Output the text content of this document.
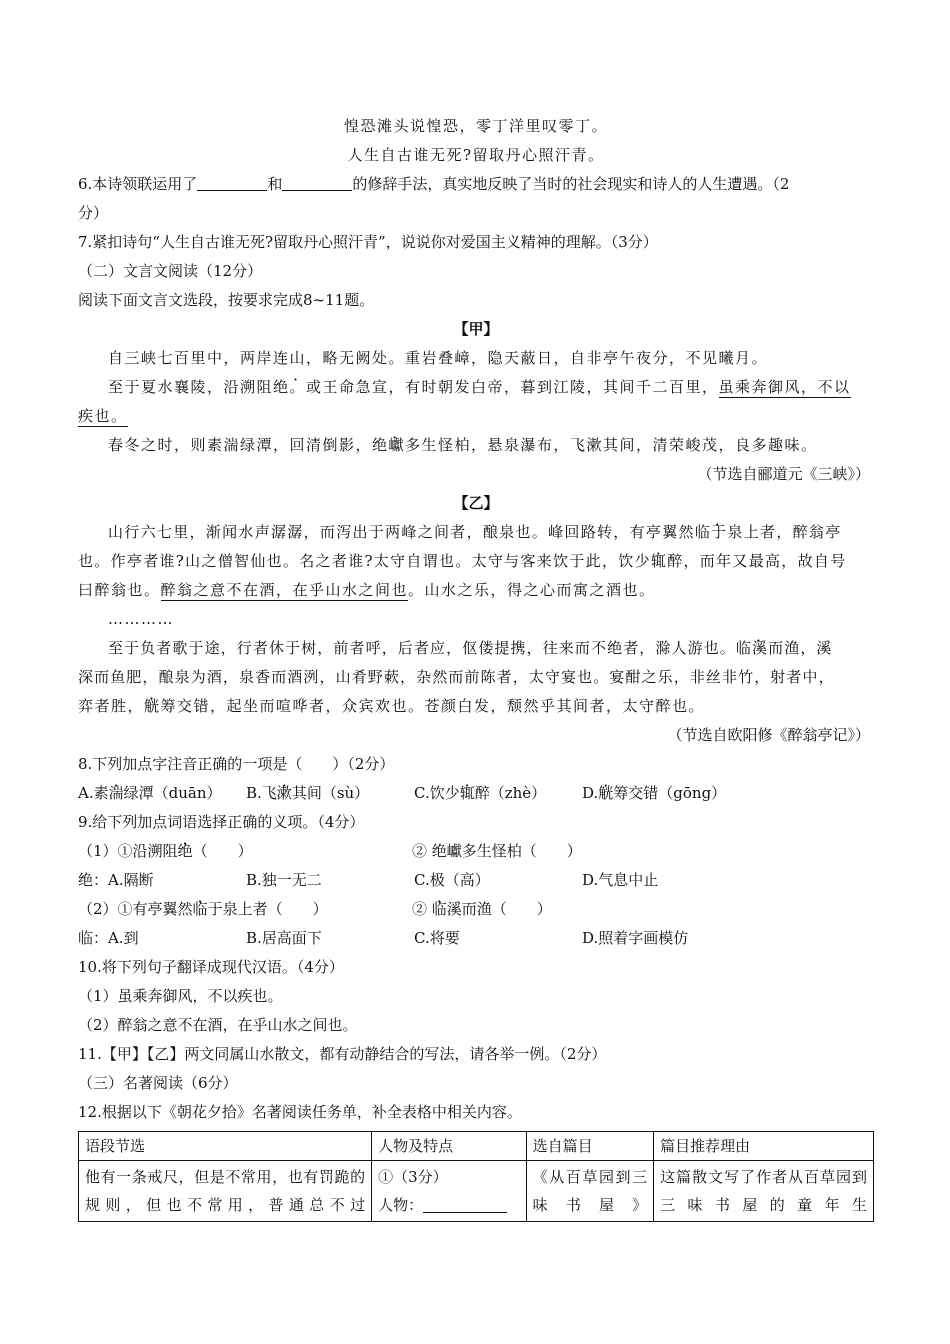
惶恐滩头说惶恐，零丁洋里叹零丁。
人生自古谁无死?留取丹心照汗青。
6.本诗领联运用了	和	的修辞手法，真实地反映了当时的社会现实和诗人的人生遭遇。（2
分）
7.紧扣诗句“人生自古谁无死?留取丹心照汗青”，说说你对爱国主义精神的理解。（3分）
（二）文言文阅读（12分）
阅读下面文言文选段，按要求完成8~11题。
【甲】
自三峡七百里中，两岸连山，略无阙处。重岩叠嶂，隐天蔽日，自非亭午夜分，不见曦月。
至于夏水襄陵，沿溯阻绝。或王命急宣，有时朝发白帝，暮到江陵，其间千二百里，虽乘奔御风，不以
疾也。
春冬之时，则素湍绿潭，回清倒影，绝巘多生怪柏，悬泉瀑布，飞漱其间，清荣峻茂，良多趣味。
（节选自郦道元《三峡》）
【乙】
山行六七里，渐闻水声潺潺，而泻出于两峰之间者，酿泉也。峰回路转，有亭翼然临于泉上者，醉翁亭
也。作亭者谁?山之僧智仙也。名之者谁?太守自谓也。太守与客来饮于此，饮少辄醉，而年又最高，故自号
曰醉翁也。醉翁之意不在酒，在乎山水之间也。山水之乐，得之心而寓之酒也。
…………
至于负者歌于途，行者休于树，前者呼，后者应，伛偻提携，往来而不绝者，滁人游也。临溪而渔，溪
深而鱼肥，酿泉为酒，泉香而酒洌，山肴野蔌，杂然而前陈者，太守宴也。宴酣之乐，非丝非竹，射者中，
弈者胜，觥筹交错，起坐而喧哗者，众宾欢也。苍颜白发，颓然乎其间者，太守醉也。
（节选自欧阳修《醉翁亭记》）
8.下列加点字注音正确的一项是（　　）（2分）
A.素湍绿潭（duān） B.飞漱其间（sù）	C.饮少辄醉（zhè） D.觥筹交错（gōng）
9.给下列加点词语选择正确的义项。（4分）
（1）①沿溯阻绝（　　）	② 绝巘多生怪柏（　　）
绝：A.隔断	B.独一无二	C.极（高）	D.气息中止
（2）①有亭翼然临于泉上者（　　）	② 临溪而渔（　　）
临：A.到	B.居高面下	C.将要	D.照着字画模仿
10.将下列句子翻译成现代汉语。（4分）
（1）虽乘奔御风，不以疾也。
（2）醉翁之意不在酒，在乎山水之间也。
11.【甲】【乙】两文同属山水散文，都有动静结合的写法，请各举一例。（2分）
（三）名著阅读（6分）
12.根据以下《朝花夕拾》名著阅读任务单，补全表格中相关内容。
语段节选	人物及特点	选自篇目	篇目推荐理由
他有一条戒尺，但是不常用，也有罚跪的规则，但也不常用，普通总不过	①（3分）
人物：	《从百草园到三味书屋》	这篇散文写了作者从百草园到三味书屋的童年生
